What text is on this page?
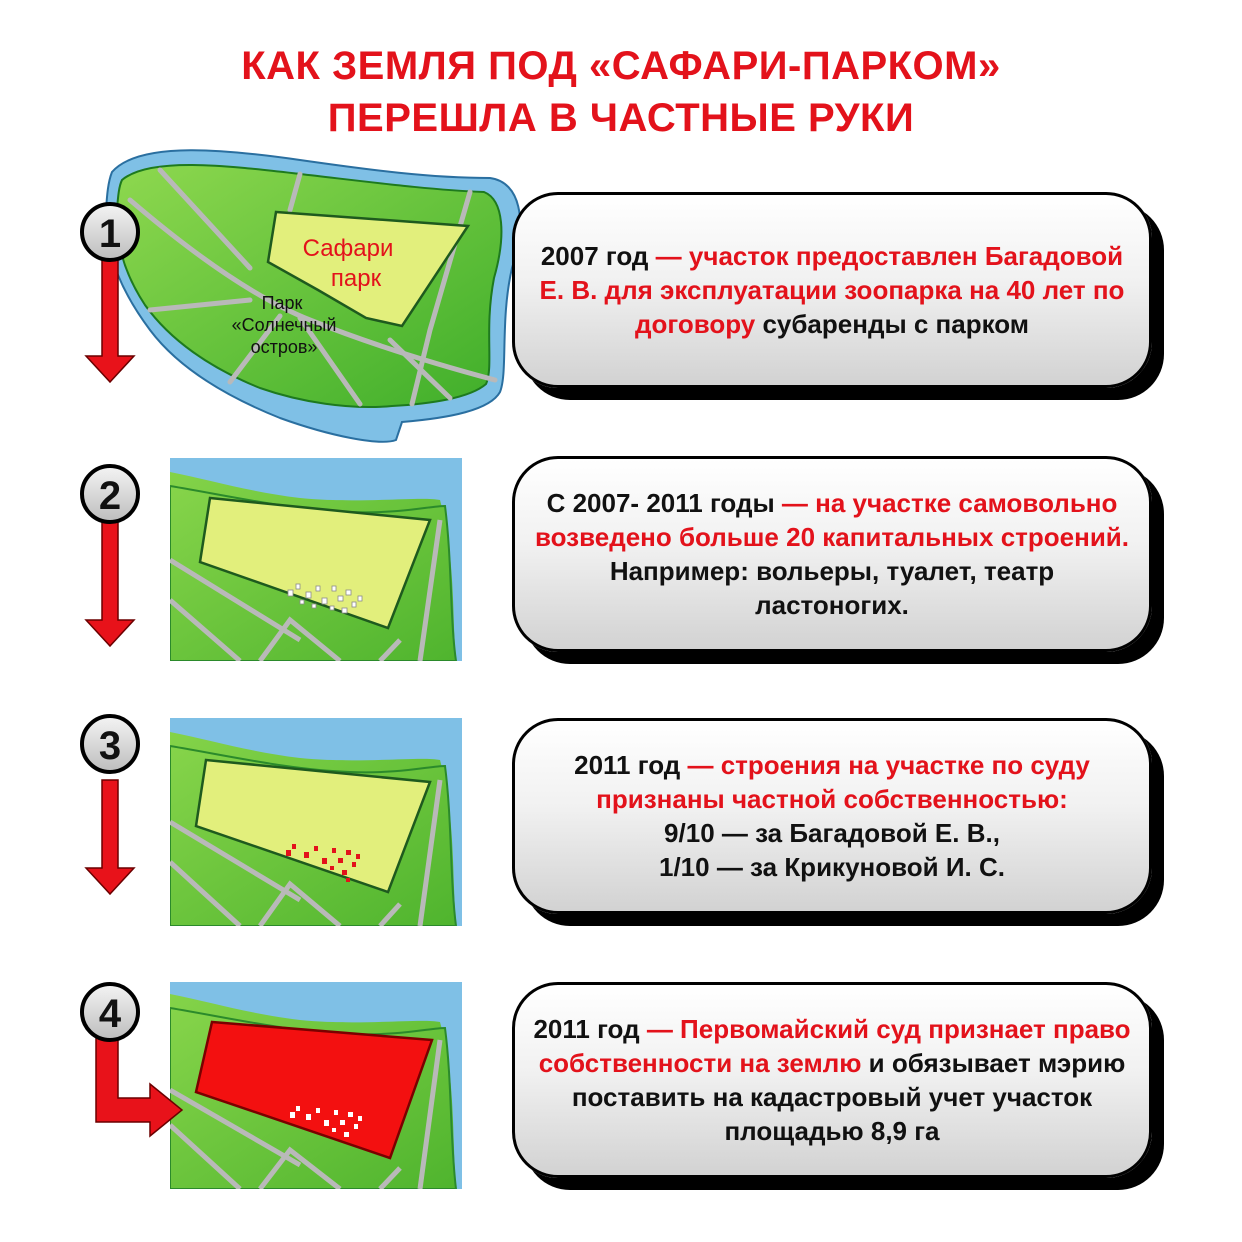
КАК ЗЕМЛЯ ПОД «САФАРИ-ПАРКОМ»
ПЕРЕШЛА В ЧАСТНЫЕ РУКИ
Сафари
парк
Парк
«Солнечный
остров»
1
2
3
4

2007 год — участок предоставлен Багадовой Е. В. для эксплуатации зоопарка на 40 лет по договору субаренды с парком

С 2007- 2011 годы — на участке самовольно возведено больше 20 капитальных строений. Например: вольеры, туалет, театр ластоногих.

2011 год — строения на участке по суду признаны частной собственностью:
9/10 — за Багадовой Е. В.,
1/10 — за Крикуновой И. С.

2011 год — Первомайский суд признает право собственности на землю и обязывает мэрию поставить на кадастровый учет участок площадью 8,9 га
